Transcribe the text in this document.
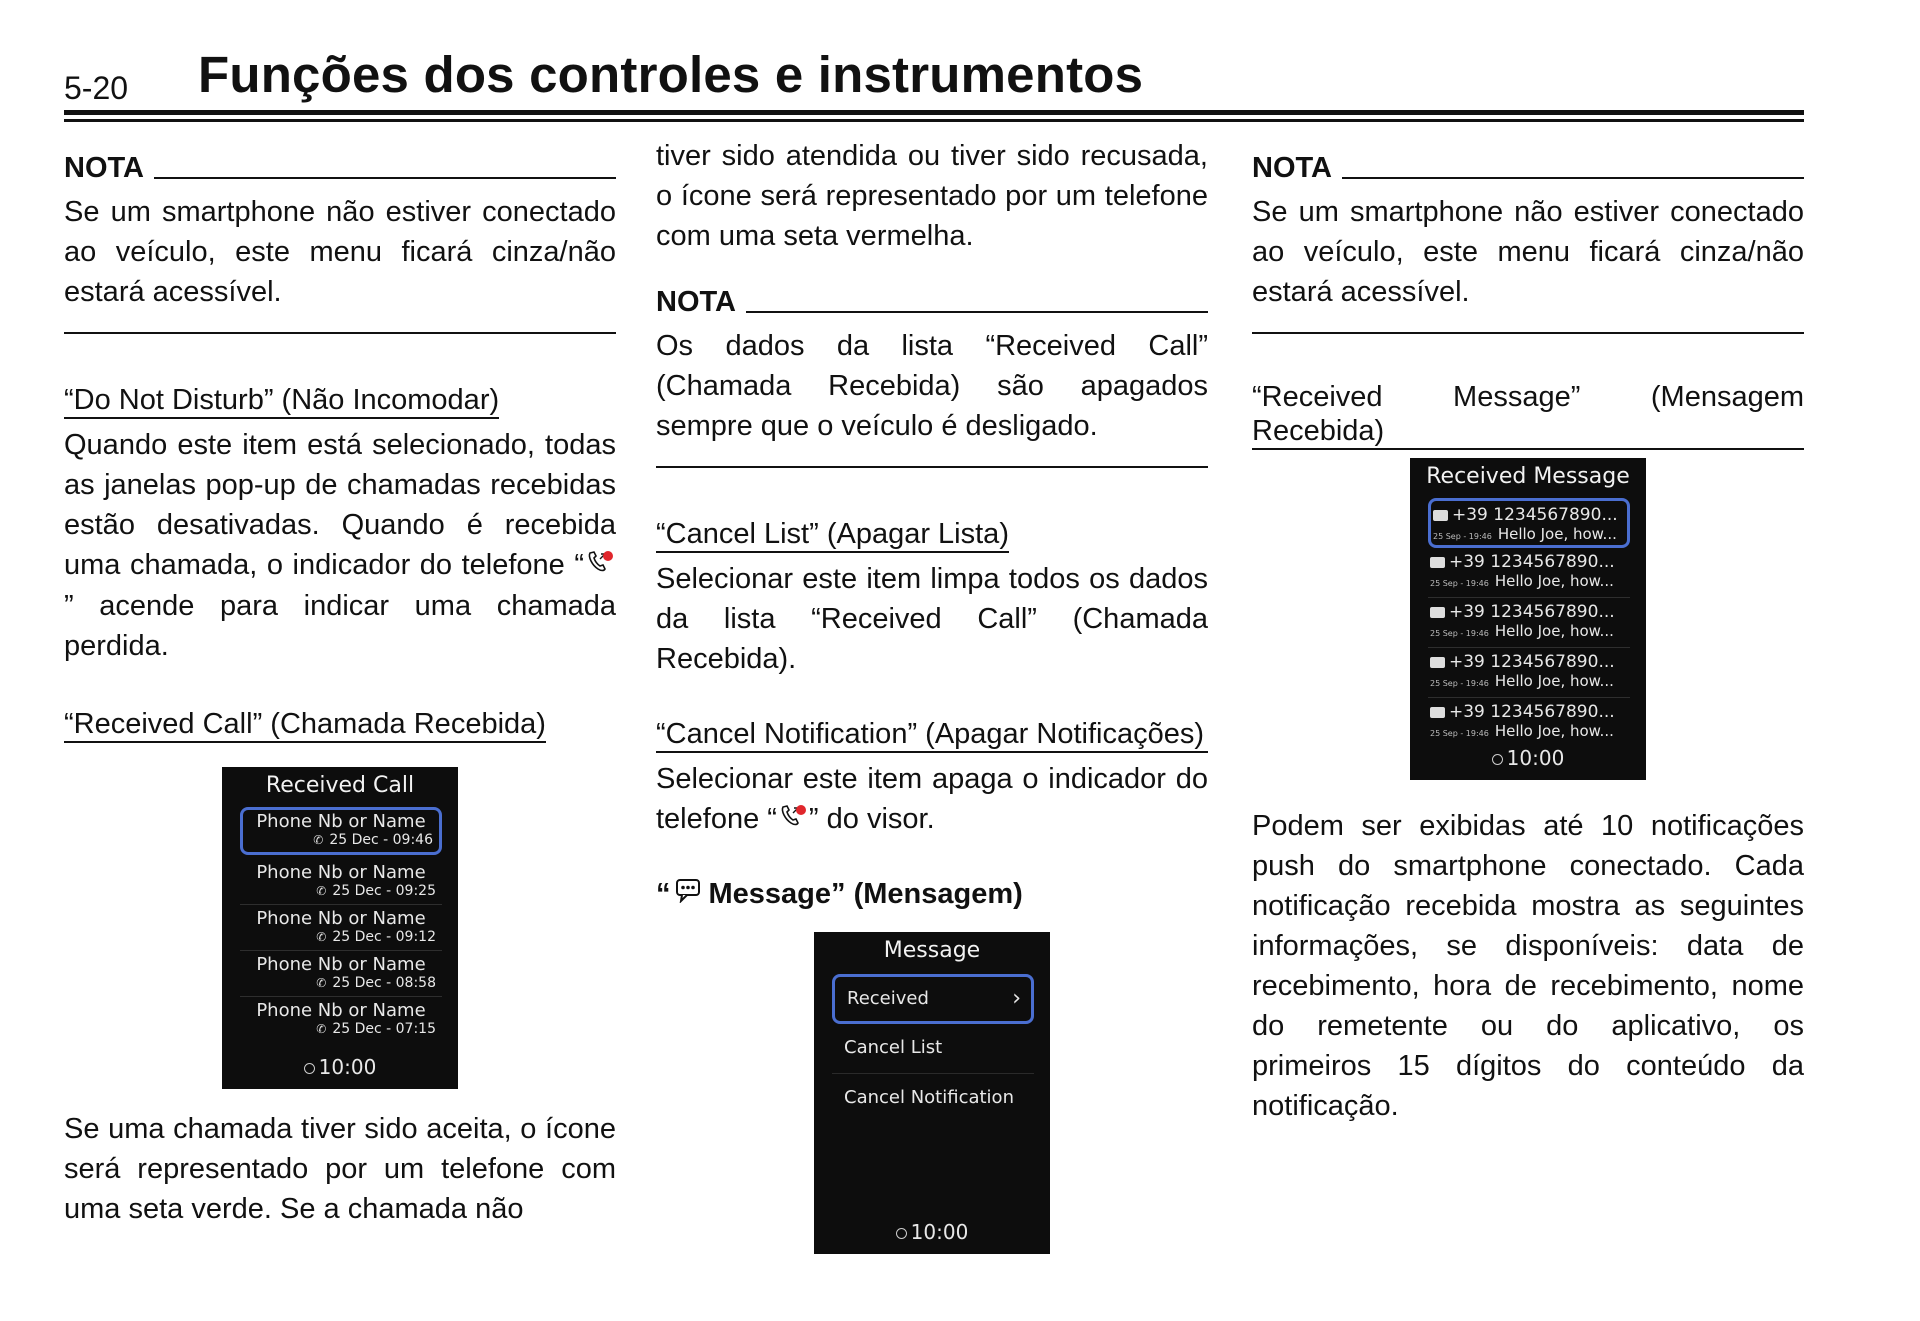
5-20 Funções dos controles e instrumentos
NOTA

Se um smartphone não estiver conectado ao veículo, este menu ficará cinza/não estará acessível.

“Do Not Disturb” (Não Incomodar)

Quando este item está selecionado, todas as janelas pop-up de chamadas recebidas estão desativadas. Quando é recebida uma chamada, o indicador do telefone “” acende para indicar uma chamada perdida.

“Received Call” (Chamada Recebida)
Received Call
Phone Nb or Name
✆ 25 Dec - 09:46
Phone Nb or Name
✆ 25 Dec - 09:25
Phone Nb or Name
✆ 25 Dec - 09:12
Phone Nb or Name
✆ 25 Dec - 08:58
Phone Nb or Name
✆ 25 Dec - 07:15
10:00

Se uma chamada tiver sido aceita, o ícone será representado por um telefone com uma seta verde. Se a chamada não

tiver sido atendida ou tiver sido recusada, o ícone será representado por um telefone com uma seta vermelha.

NOTA

Os dados da lista “Received Call” (Chamada Recebida) são apagados sempre que o veículo é desligado.

“Cancel List” (Apagar Lista)

Selecionar este item limpa todos os dados da lista “Received Call” (Chamada Recebida).

“Cancel Notification” (Apagar Notificações)

Selecionar este item apaga o indicador do telefone “ ” do visor.

“ Message” (Mensagem)
Message
Received	›
Cancel List
Cancel Notification
10:00
NOTA

Se um smartphone não estiver conectado ao veículo, este menu ficará cinza/não estará acessível.

“Received Message” (Mensagem Recebida)
Received Message
+39 1234567890...
25 Sep - 19:46 Hello Joe, how...
+39 1234567890...
25 Sep - 19:46 Hello Joe, how...
+39 1234567890...
25 Sep - 19:46 Hello Joe, how...
+39 1234567890...
25 Sep - 19:46 Hello Joe, how...
+39 1234567890...
25 Sep - 19:46 Hello Joe, how...
10:00

Podem ser exibidas até 10 notificações push do smartphone conectado. Cada notificação recebida mostra as seguintes informações, se disponíveis: data de recebimento, hora de recebimento, nome do remetente ou do aplicativo, os primeiros 15 dígitos do conteúdo da notificação.
